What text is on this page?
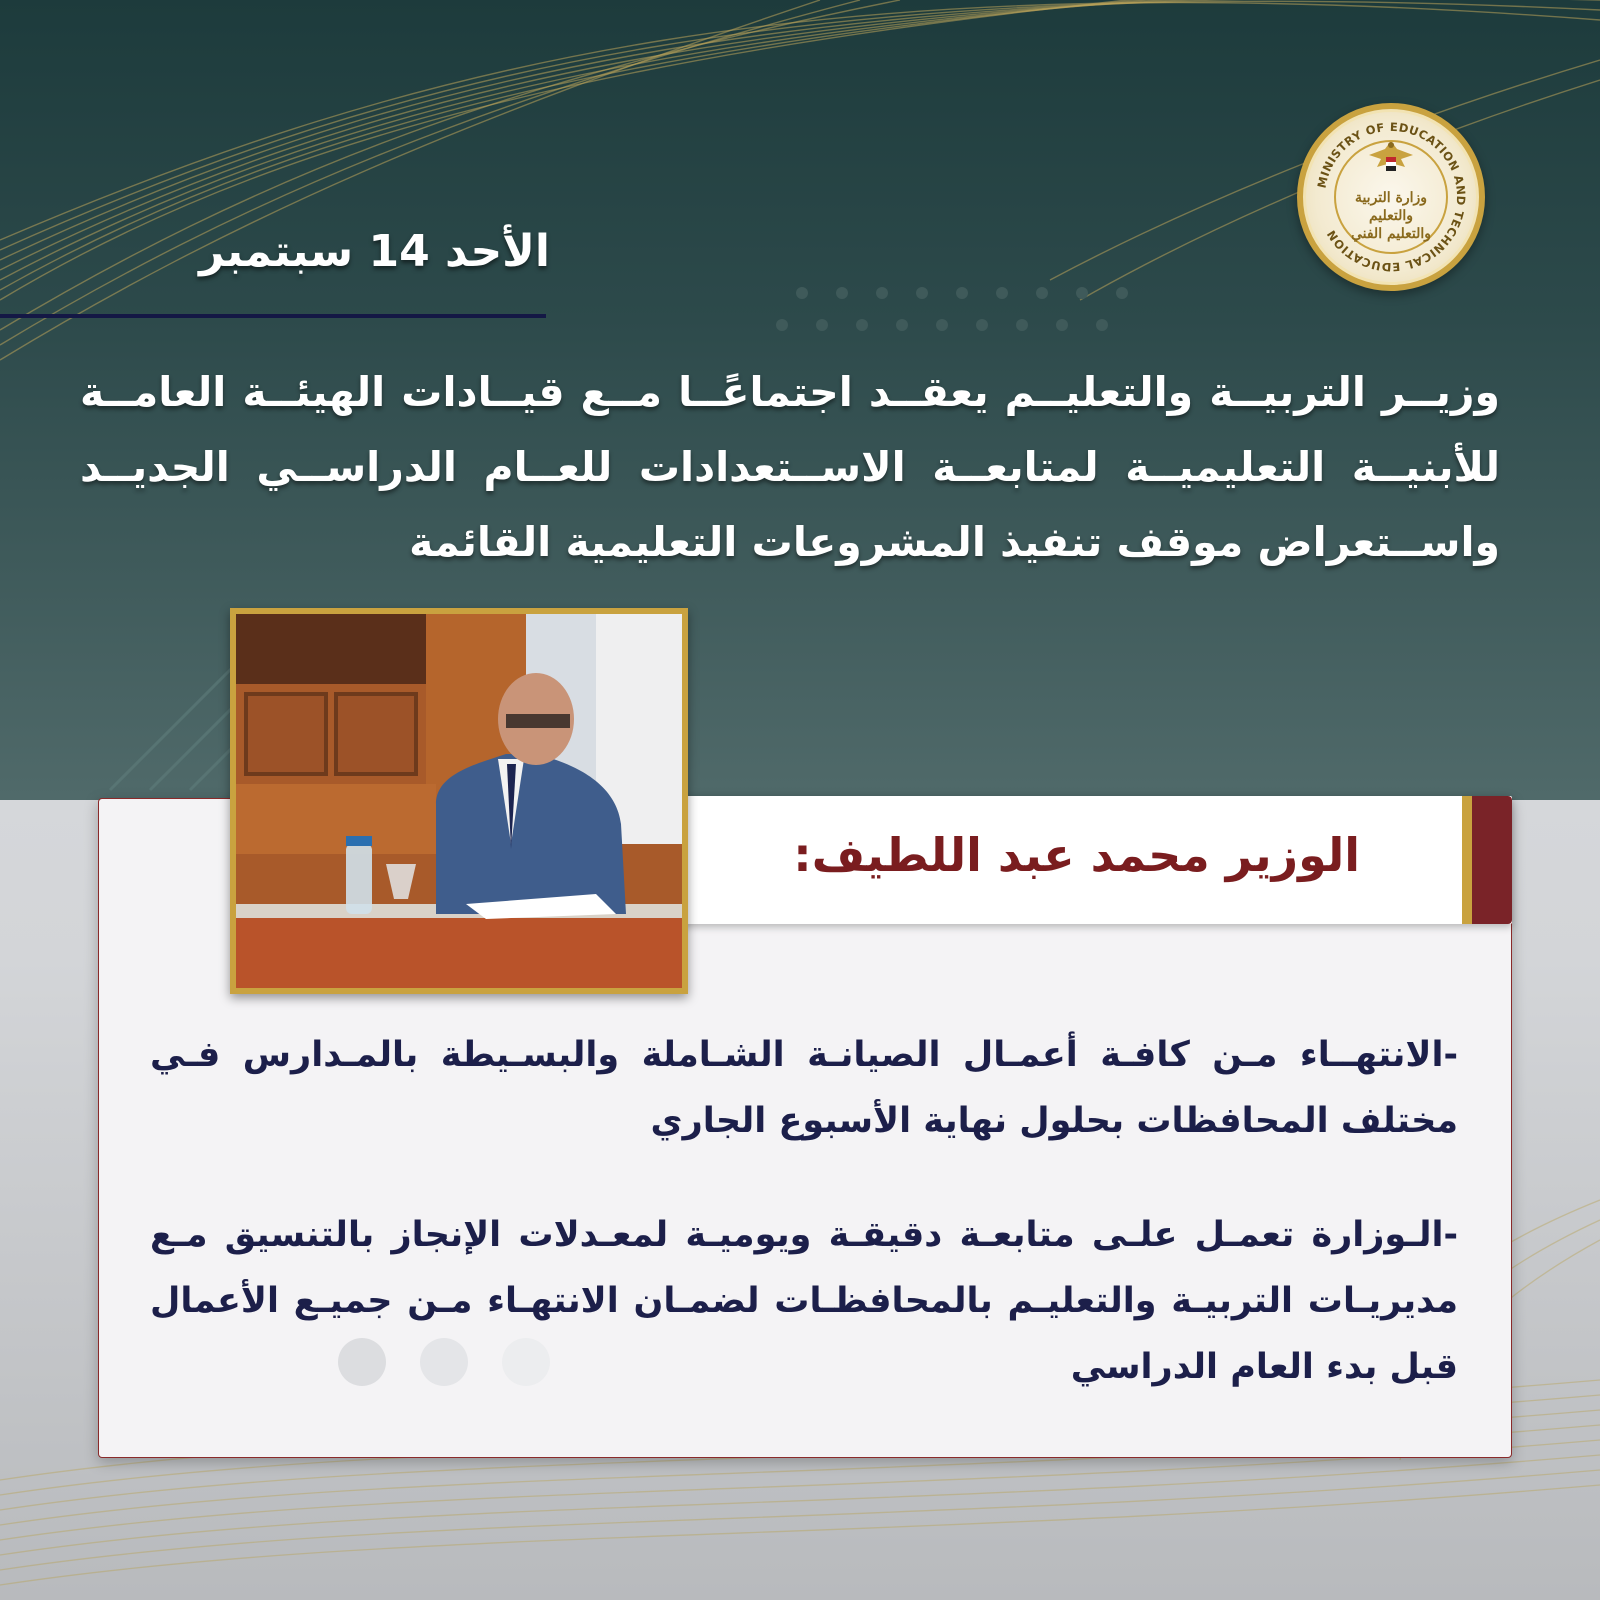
MINISTRY OF EDUCATION AND TECHNICAL EDUCATION
وزارة التربية والتعليم
والتعليم الفني
الأحد 14 سبتمبر
وزيــر التربيــة والتعليــم يعقــد اجتماعًــا مــع قيــادات الهيئــة العامــة للأبنيــة التعليميــة لمتابعــة الاســتعدادات للعــام الدراســي الجديــد واســتعراض موقف تنفيذ المشروعات التعليمية القائمة
الوزير محمد عبد اللطيف:
-الانتهــاء مـن كافـة أعمـال الصيانـة الشـاملة والبسـيطة بالمـدارس فـي مختلف المحافظات بحلول نهاية الأسبوع الجاري
-الـوزارة تعمـل علـى متابعـة دقيقـة ويوميـة لمعـدلات الإنجاز بالتنسيق مـع مديريـات التربيـة والتعليـم بالمحافظـات لضمـان الانتهـاء مـن جميـع الأعمال قبل بدء العام الدراسي
